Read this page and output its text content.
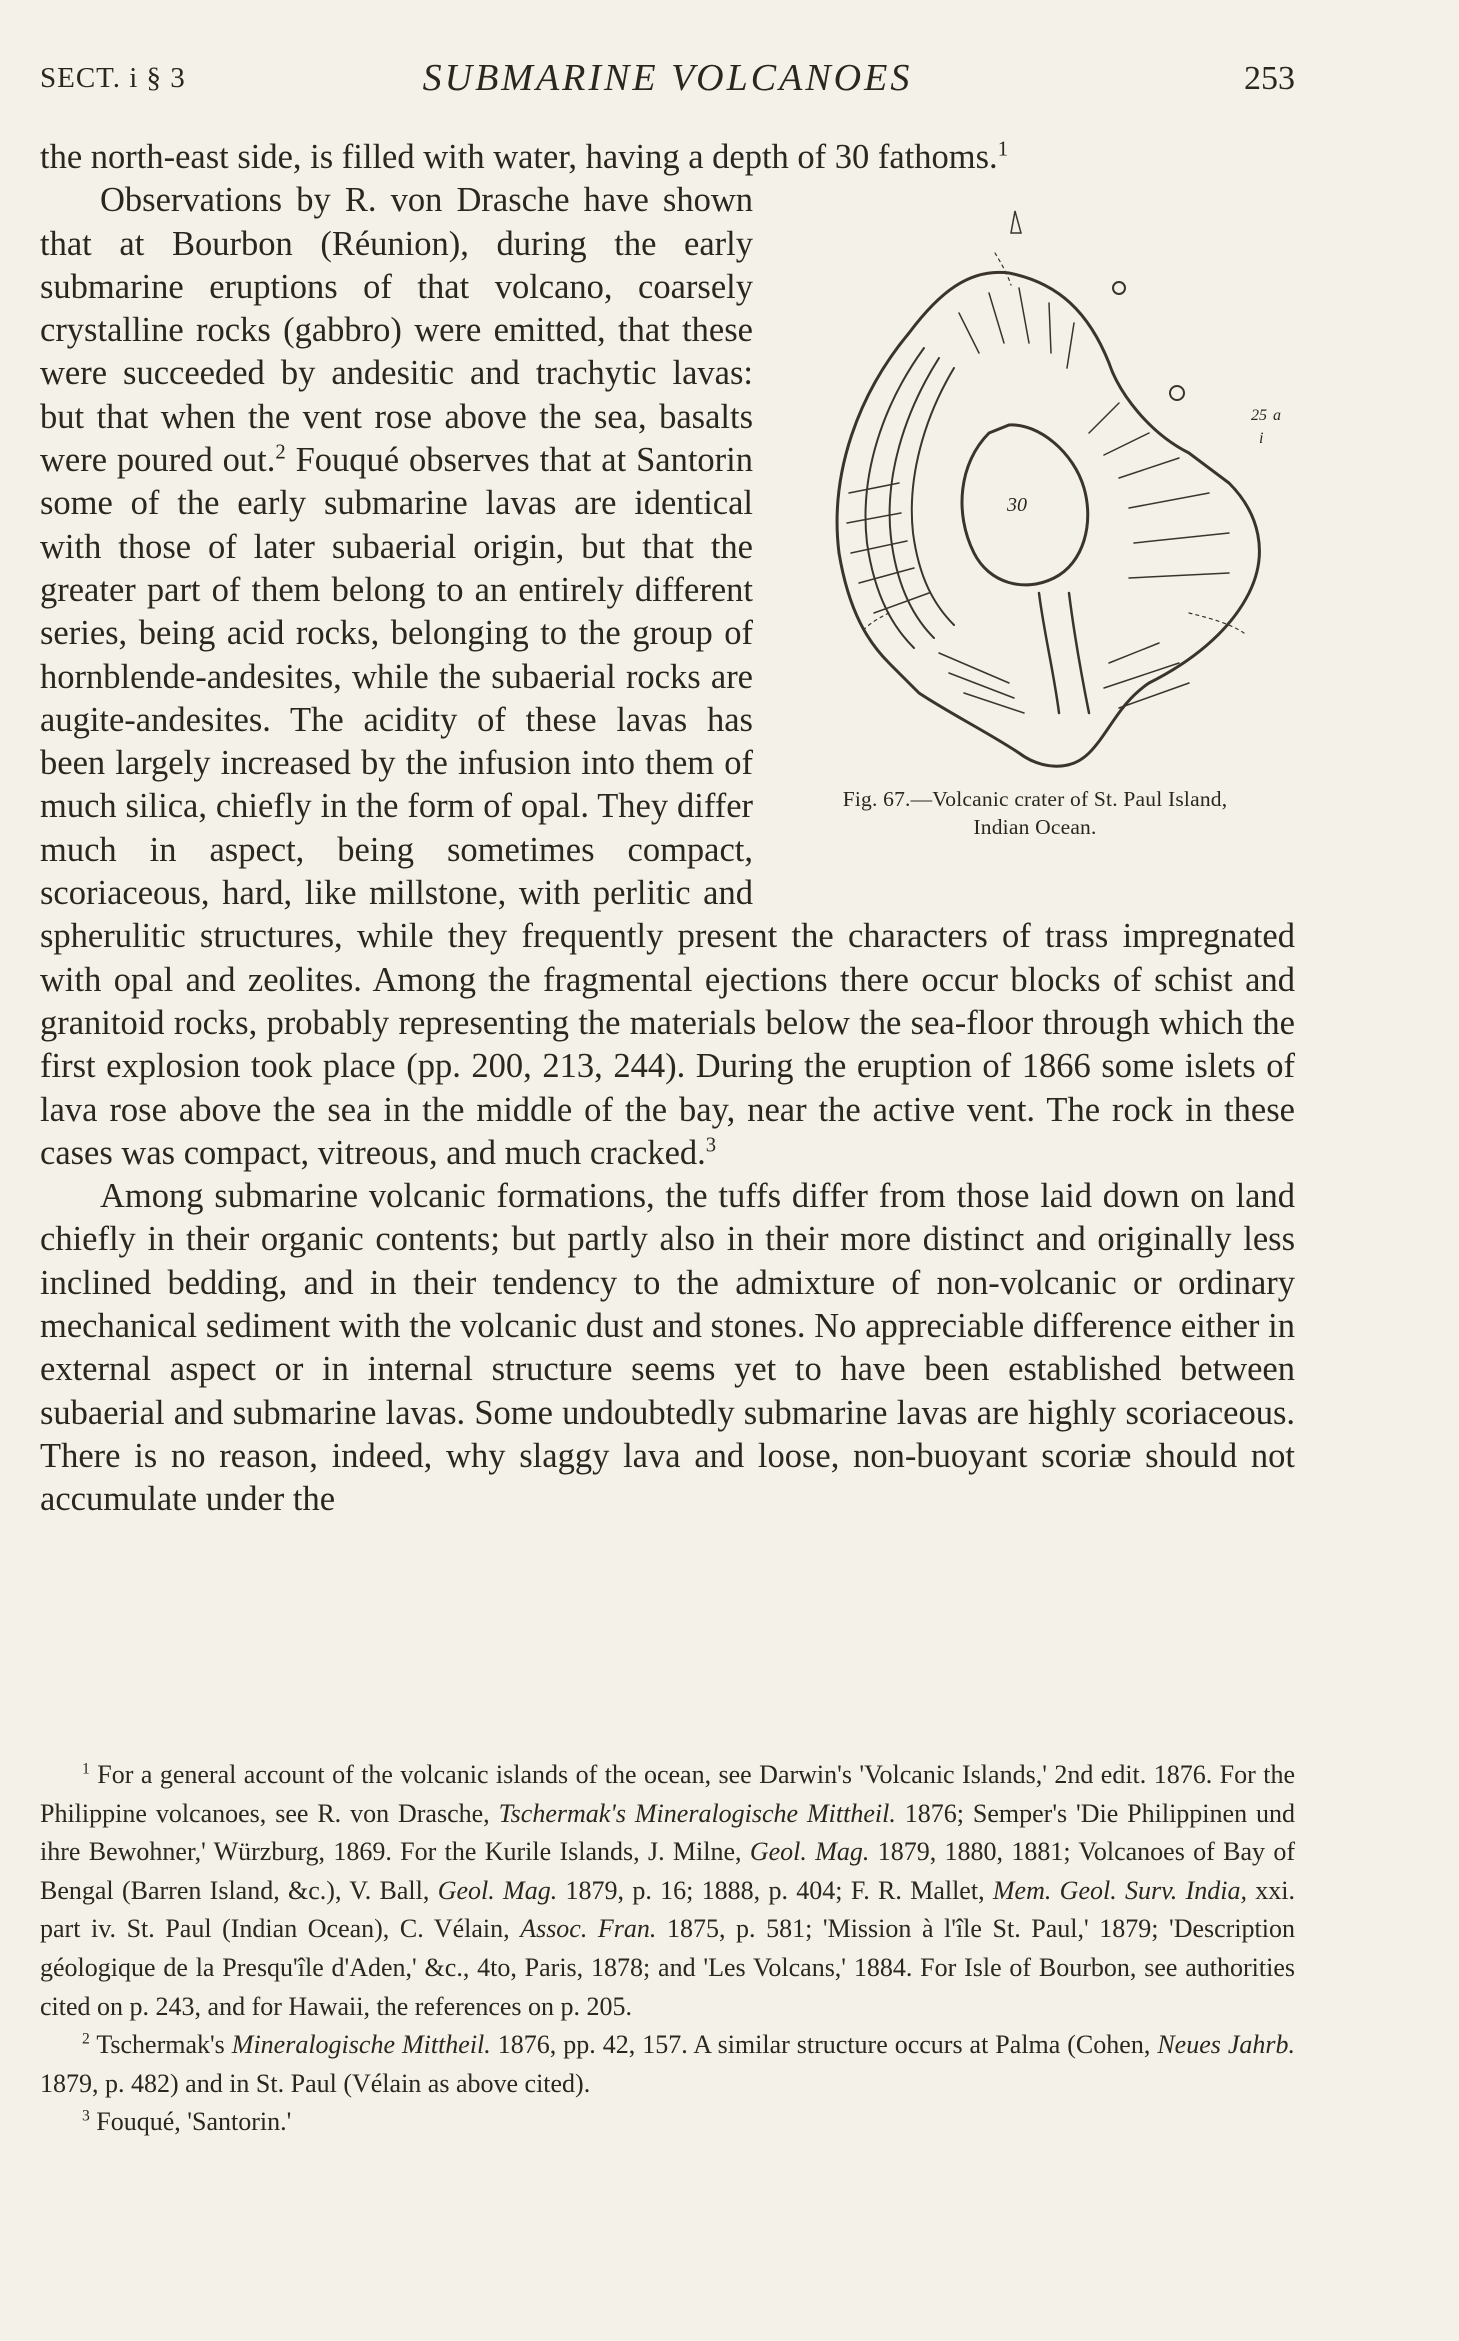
SECT. i § 3	SUBMARINE VOLCANOES	253

the north-east side, is filled with water, having a depth of 30 fathoms.$^1$

30
25 a
i
Fig. 67.—Volcanic crater of St. Paul Island,
Indian Ocean.

Observations by R. von Drasche have shown that at Bourbon (Réunion), during the early submarine eruptions of that volcano, coarsely crystalline rocks (gabbro) were emitted, that these were succeeded by andesitic and trachytic lavas: but that when the vent rose above the sea, basalts were poured out.$^2$ Fouqué observes that at Santorin some of the early submarine lavas are identical with those of later subaerial origin, but that the greater part of them belong to an entirely different series, being acid rocks, belonging to the group of hornblende-andesites, while the subaerial rocks are augite-andesites. The acidity of these lavas has been largely increased by the infusion into them of much silica, chiefly in the form of opal. They differ much in aspect, being sometimes compact, scoriaceous, hard, like millstone, with perlitic and spherulitic structures, while they frequently present the characters of trass impregnated with opal and zeolites. Among the fragmental ejections there occur blocks of schist and granitoid rocks, probably representing the materials below the sea-floor through which the first explosion took place (pp. 200, 213, 244). During the eruption of 1866 some islets of lava rose above the sea in the middle of the bay, near the active vent. The rock in these cases was compact, vitreous, and much cracked.$^3$

Among submarine volcanic formations, the tuffs differ from those laid down on land chiefly in their organic contents; but partly also in their more distinct and originally less inclined bedding, and in their tendency to the admixture of non-volcanic or ordinary mechanical sediment with the volcanic dust and stones. No appreciable difference either in external aspect or in internal structure seems yet to have been established between subaerial and submarine lavas. Some undoubtedly submarine lavas are highly scoriaceous. There is no reason, indeed, why slaggy lava and loose, non-buoyant scoriæ should not accumulate under the

$^1$ For a general account of the volcanic islands of the ocean, see Darwin's 'Volcanic Islands,' 2nd edit. 1876. For the Philippine volcanoes, see R. von Drasche, Tschermak's Mineralogische Mittheil. 1876; Semper's 'Die Philippinen und ihre Bewohner,' Würzburg, 1869. For the Kurile Islands, J. Milne, Geol. Mag. 1879, 1880, 1881; Volcanoes of Bay of Bengal (Barren Island, &c.), V. Ball, Geol. Mag. 1879, p. 16; 1888, p. 404; F. R. Mallet, Mem. Geol. Surv. India, xxi. part iv. St. Paul (Indian Ocean), C. Vélain, Assoc. Fran. 1875, p. 581; 'Mission à l'île St. Paul,' 1879; 'Description géologique de la Presqu'île d'Aden,' &c., 4to, Paris, 1878; and 'Les Volcans,' 1884. For Isle of Bourbon, see authorities cited on p. 243, and for Hawaii, the references on p. 205.

$^2$ Tschermak's Mineralogische Mittheil. 1876, pp. 42, 157. A similar structure occurs at Palma (Cohen, Neues Jahrb. 1879, p. 482) and in St. Paul (Vélain as above cited).

$^3$ Fouqué, 'Santorin.'
